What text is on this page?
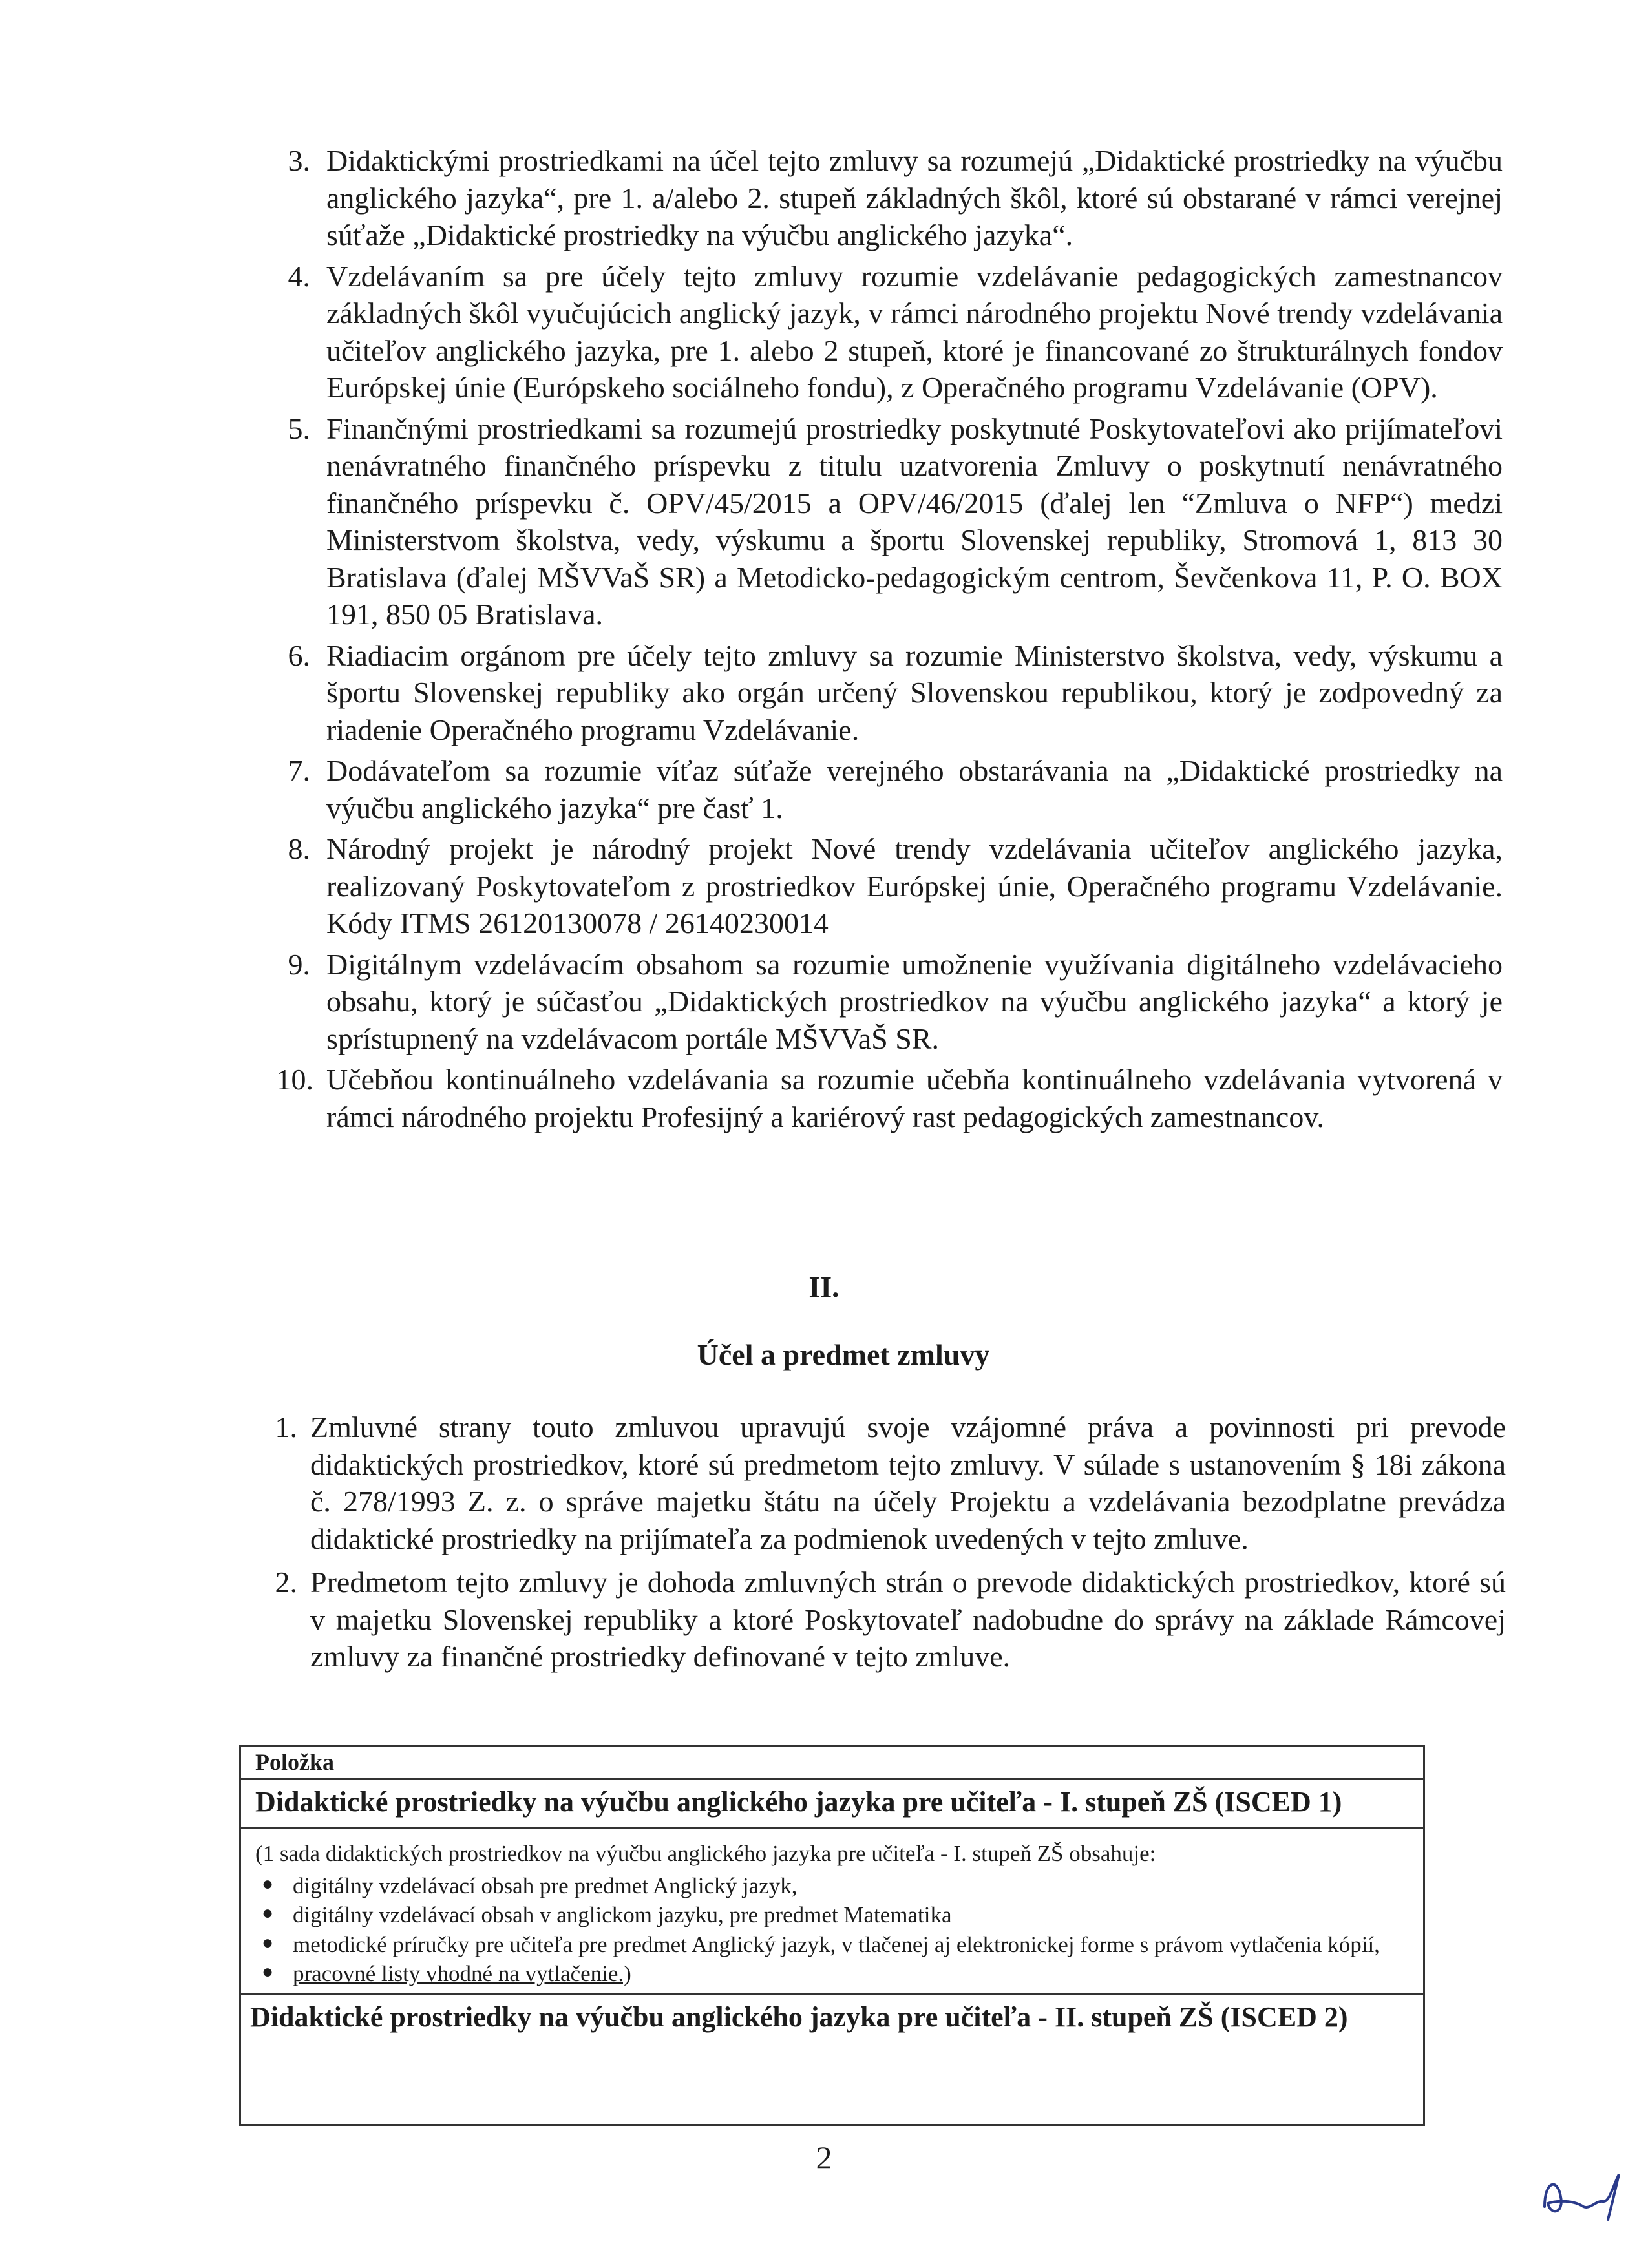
3. Didaktickými prostriedkami na účel tejto zmluvy sa rozumejú „Didaktické prostriedky na výučbu anglického jazyka“, pre 1. a/alebo 2. stupeň základných škôl, ktoré sú obstarané v rámci verejnej súťaže „Didaktické prostriedky na výučbu anglického jazyka“.
4. Vzdelávaním sa pre účely tejto zmluvy rozumie vzdelávanie pedagogických zamestnancov základných škôl vyučujúcich anglický jazyk, v rámci národného projektu Nové trendy vzdelávania učiteľov anglického jazyka, pre 1. alebo 2 stupeň, ktoré je financované zo štrukturálnych fondov Európskej únie (Európskeho sociálneho fondu), z Operačného programu Vzdelávanie (OPV).
5. Finančnými prostriedkami sa rozumejú prostriedky poskytnuté Poskytovateľovi ako prijímateľovi nenávratného finančného príspevku z titulu uzatvorenia Zmluvy o poskytnutí nenávratného finančného príspevku č. OPV/45/2015 a OPV/46/2015 (ďalej len “Zmluva o NFP“) medzi Ministerstvom školstva, vedy, výskumu a športu Slovenskej republiky, Stromová 1, 813 30 Bratislava (ďalej MŠVVaŠ SR) a Metodicko-pedagogickým centrom, Ševčenkova 11, P. O. BOX 191, 850 05 Bratislava.
6. Riadiacim orgánom pre účely tejto zmluvy sa rozumie Ministerstvo školstva, vedy, výskumu a športu Slovenskej republiky ako orgán určený Slovenskou republikou, ktorý je zodpovedný za riadenie Operačného programu Vzdelávanie.
7. Dodávateľom sa rozumie víťaz súťaže verejného obstarávania na „Didaktické prostriedky na výučbu anglického jazyka“ pre časť 1.
8. Národný projekt je národný projekt Nové trendy vzdelávania učiteľov anglického jazyka, realizovaný Poskytovateľom z prostriedkov Európskej únie, Operačného programu Vzdelávanie. Kódy ITMS 26120130078 / 26140230014
9. Digitálnym vzdelávacím obsahom sa rozumie umožnenie využívania digitálneho vzdelávacieho obsahu, ktorý je súčasťou „Didaktických prostriedkov na výučbu anglického jazyka“ a ktorý je sprístupnený na vzdelávacom portále MŠVVaŠ SR.
10. Učebňou kontinuálneho vzdelávania sa rozumie učebňa kontinuálneho vzdelávania vytvorená v rámci národného projektu Profesijný a kariérový rast pedagogických zamestnancov.
II.
Účel a predmet zmluvy
1. Zmluvné strany touto zmluvou upravujú svoje vzájomné práva a povinnosti pri prevode didaktických prostriedkov, ktoré sú predmetom tejto zmluvy. V súlade s ustanovením § 18i zákona č. 278/1993 Z. z. o správe majetku štátu na účely Projektu a vzdelávania bezodplatne prevádza didaktické prostriedky na prijímateľa za podmienok uvedených v tejto zmluve.
2. Predmetom tejto zmluvy je dohoda zmluvných strán o prevode didaktických prostriedkov, ktoré sú v majetku Slovenskej republiky a ktoré Poskytovateľ nadobudne do správy na základe Rámcovej zmluvy za finančné prostriedky definované v tejto zmluve.
Položka
Didaktické prostriedky na výučbu anglického jazyka pre učiteľa - I. stupeň ZŠ (ISCED 1)
(1 sada didaktických prostriedkov na výučbu anglického jazyka pre učiteľa - I. stupeň ZŠ obsahuje:
● digitálny vzdelávací obsah pre predmet Anglický jazyk,
● digitálny vzdelávací obsah v anglickom jazyku, pre predmet Matematika
● metodické príručky pre učiteľa pre predmet Anglický jazyk, v tlačenej aj elektronickej forme s právom vytlačenia kópií,
● pracovné listy vhodné na vytlačenie.)
Didaktické prostriedky na výučbu anglického jazyka pre učiteľa - II. stupeň ZŠ (ISCED 2)
2
